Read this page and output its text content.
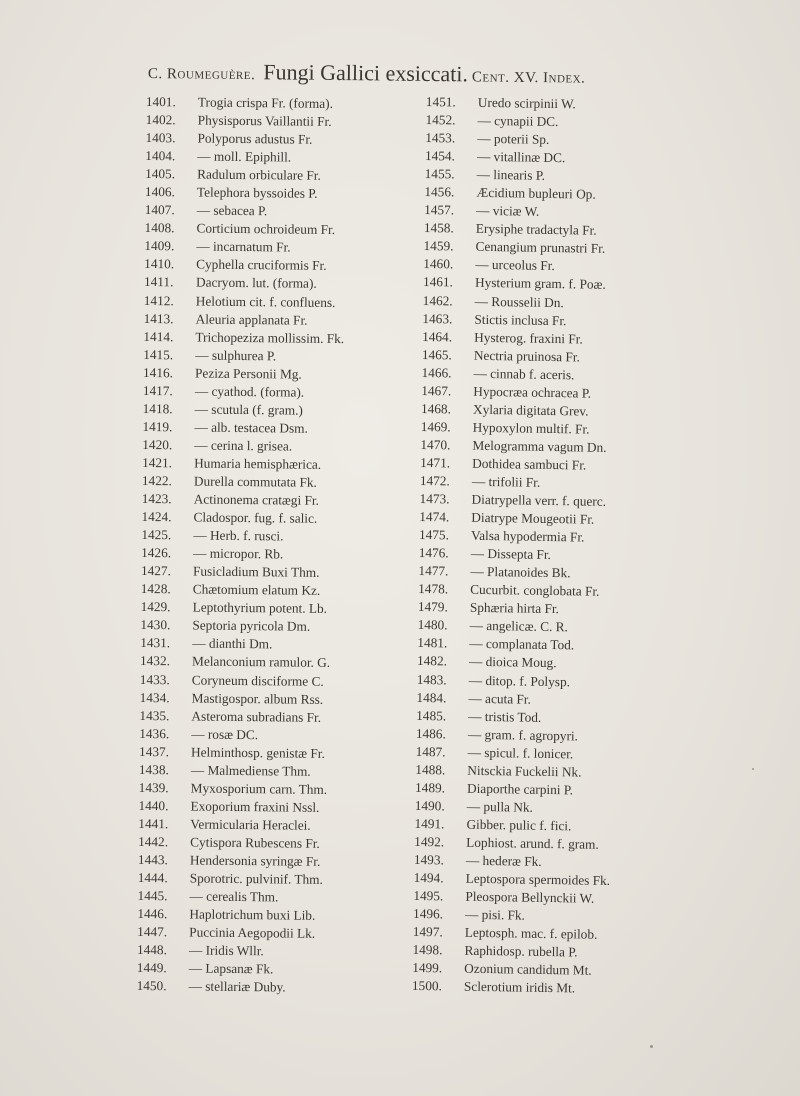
C. Roumeguère. Fungi Gallici exsiccati. Cent. XV. Index.
1401. Trogia crispa Fr. (forma).
1402. Physisporus Vaillantii Fr.
1403. Polyporus adustus Fr.
1404. — moll. Epiphill.
1405. Radulum orbiculare Fr.
1406. Telephora byssoides P.
1407. — sebacea P.
1408. Corticium ochroideum Fr.
1409. — incarnatum Fr.
1410. Cyphella cruciformis Fr.
1411. Dacryom. lut. (forma).
1412. Helotium cit. f. confluens.
1413. Aleuria applanata Fr.
1414. Trichopeziza mollissim. Fk.
1415. — sulphurea P.
1416. Peziza Personii Mg.
1417. — cyathod. (forma).
1418. — scutula (f. gram.)
1419. — alb. testacea Dsm.
1420. — cerina l. grisea.
1421. Humaria hemisphærica.
1422. Durella commutata Fk.
1423. Actinonema cratægi Fr.
1424. Cladospor. fug. f. salic.
1425. — Herb. f. rusci.
1426. — micropor. Rb.
1427. Fusicladium Buxi Thm.
1428. Chætomium elatum Kz.
1429. Leptothyrium potent. Lb.
1430. Septoria pyricola Dm.
1431. — dianthi Dm.
1432. Melanconium ramulor. G.
1433. Coryneum disciforme C.
1434. Mastigospor. album Rss.
1435. Asteroma subradians Fr.
1436. — rosæ DC.
1437. Helminthosp. genistæ Fr.
1438. — Malmediense Thm.
1439. Myxosporium carn. Thm.
1440. Exoporium fraxini Nssl.
1441. Vermicularia Heraclei.
1442. Cytispora Rubescens Fr.
1443. Hendersonia syringæ Fr.
1444. Sporotric. pulvinif. Thm.
1445. — cerealis Thm.
1446. Haplotrichum buxi Lib.
1447. Puccinia Aegopodii Lk.
1448. — Iridis Wllr.
1449. — Lapsanæ Fk.
1450. — stellariæ Duby.
1451. Uredo scirpinii W.
1452. — cynapii DC.
1453. — poterii Sp.
1454. — vitallinæ DC.
1455. — linearis P.
1456. Æcidium bupleuri Op.
1457. — viciæ W.
1458. Erysiphe tradactyla Fr.
1459. Cenangium prunastri Fr.
1460. — urceolus Fr.
1461. Hysterium gram. f. Poæ.
1462. — Rousselii Dn.
1463. Stictis inclusa Fr.
1464. Hysterog. fraxini Fr.
1465. Nectria pruinosa Fr.
1466. — cinnab f. aceris.
1467. Hypocræa ochracea P.
1468. Xylaria digitata Grev.
1469. Hypoxylon multif. Fr.
1470. Melogramma vagum Dn.
1471. Dothidea sambuci Fr.
1472. — trifolii Fr.
1473. Diatrypella verr. f. querc.
1474. Diatrype Mougeotii Fr.
1475. Valsa hypodermia Fr.
1476. — Dissepta Fr.
1477. — Platanoides Bk.
1478. Cucurbit. conglobata Fr.
1479. Sphæria hirta Fr.
1480. — angelicæ. C. R.
1481. — complanata Tod.
1482. — dioica Moug.
1483. — ditop. f. Polysp.
1484. — acuta Fr.
1485. — tristis Tod.
1486. — gram. f. agropyri.
1487. — spicul. f. lonicer.
1488. Nitsckia Fuckelii Nk.
1489. Diaporthe carpini P.
1490. — pulla Nk.
1491. Gibber. pulic f. fici.
1492. Lophiost. arund. f. gram.
1493. — hederæ Fk.
1494. Leptospora spermoides Fk.
1495. Pleospora Bellynckii W.
1496. — pisi. Fk.
1497. Leptosph. mac. f. epilob.
1498. Raphidosp. rubella P.
1499. Ozonium candidum Mt.
1500. Sclerotium iridis Mt.
